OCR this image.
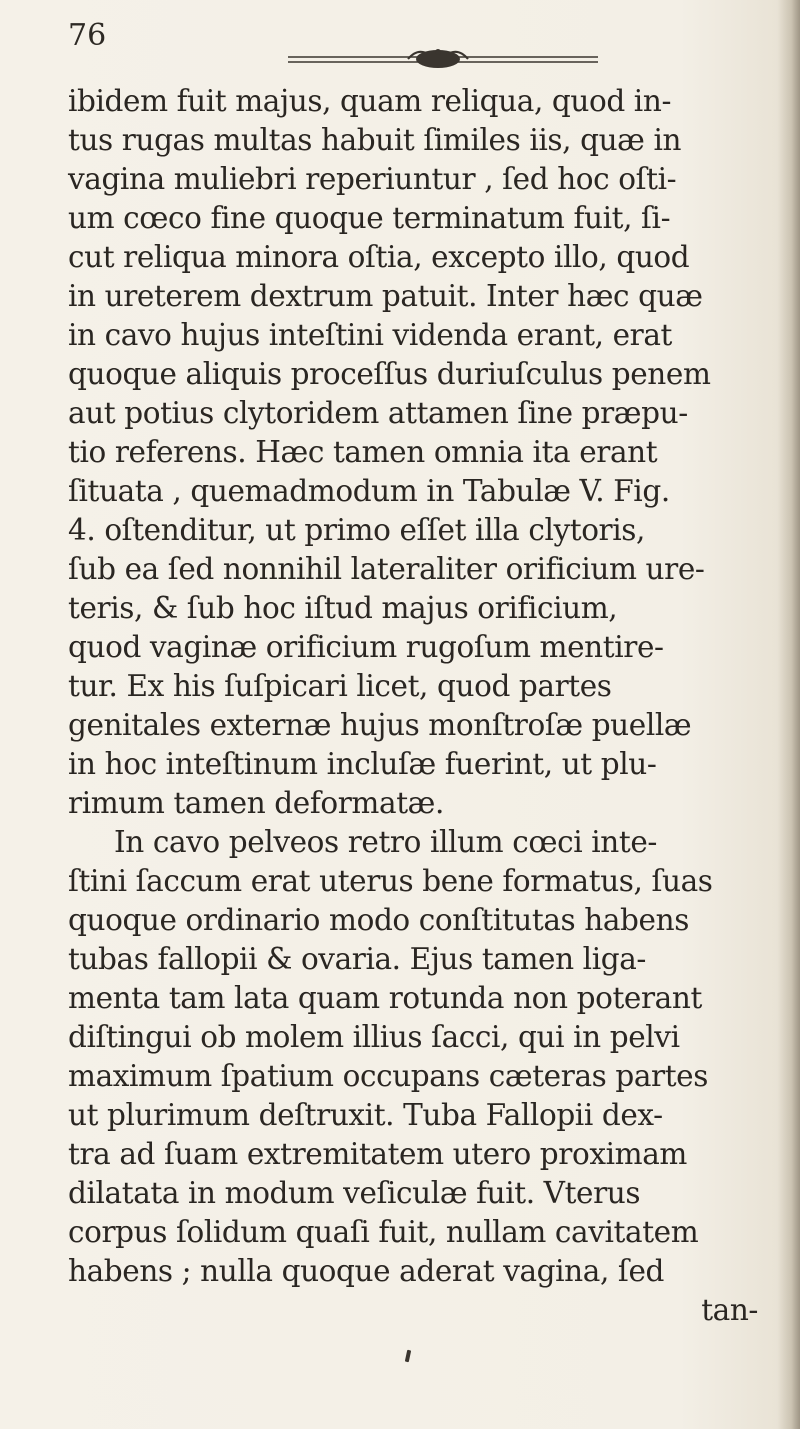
76
ibidem fuit majus, quam reliqua, quod in-
tus rugas multas habuit ſimiles iis, quæ in
vagina muliebri reperiuntur , ſed hoc oſti-
um cœco fine quoque terminatum fuit, ſi-
cut reliqua minora oſtia, excepto illo, quod
in ureterem dextrum patuit. Inter hæc quæ
in cavo hujus inteſtini videnda erant, erat
quoque aliquis proceſſus duriuſculus penem
aut potius clytoridem attamen ſine præpu-
tio referens. Hæc tamen omnia ita erant
ſituata , quemadmodum in Tabulæ V. Fig.
4. oſtenditur, ut primo eſſet illa clytoris,
ſub ea ſed nonnihil lateraliter orificium ure-
teris, & ſub hoc iſtud majus orificium,
quod vaginæ orificium rugoſum mentire-
tur. Ex his ſuſpicari licet, quod partes
genitales externæ hujus monſtroſæ puellæ
in hoc inteſtinum incluſæ fuerint, ut plu-
rimum tamen deformatæ.
In cavo pelveos retro illum cœci inte-
ſtini ſaccum erat uterus bene formatus, ſuas
quoque ordinario modo conſtitutas habens
tubas fallopii & ovaria. Ejus tamen liga-
menta tam lata quam rotunda non poterant
diſtingui ob molem illius ſacci, qui in pelvi
maximum ſpatium occupans cæteras partes
ut plurimum deſtruxit. Tuba Fallopii dex-
tra ad ſuam extremitatem utero proximam
dilatata in modum veſiculæ fuit. Vterus
corpus ſolidum quaſi fuit, nullam cavitatem
habens ; nulla quoque aderat vagina, ſed
tan-
